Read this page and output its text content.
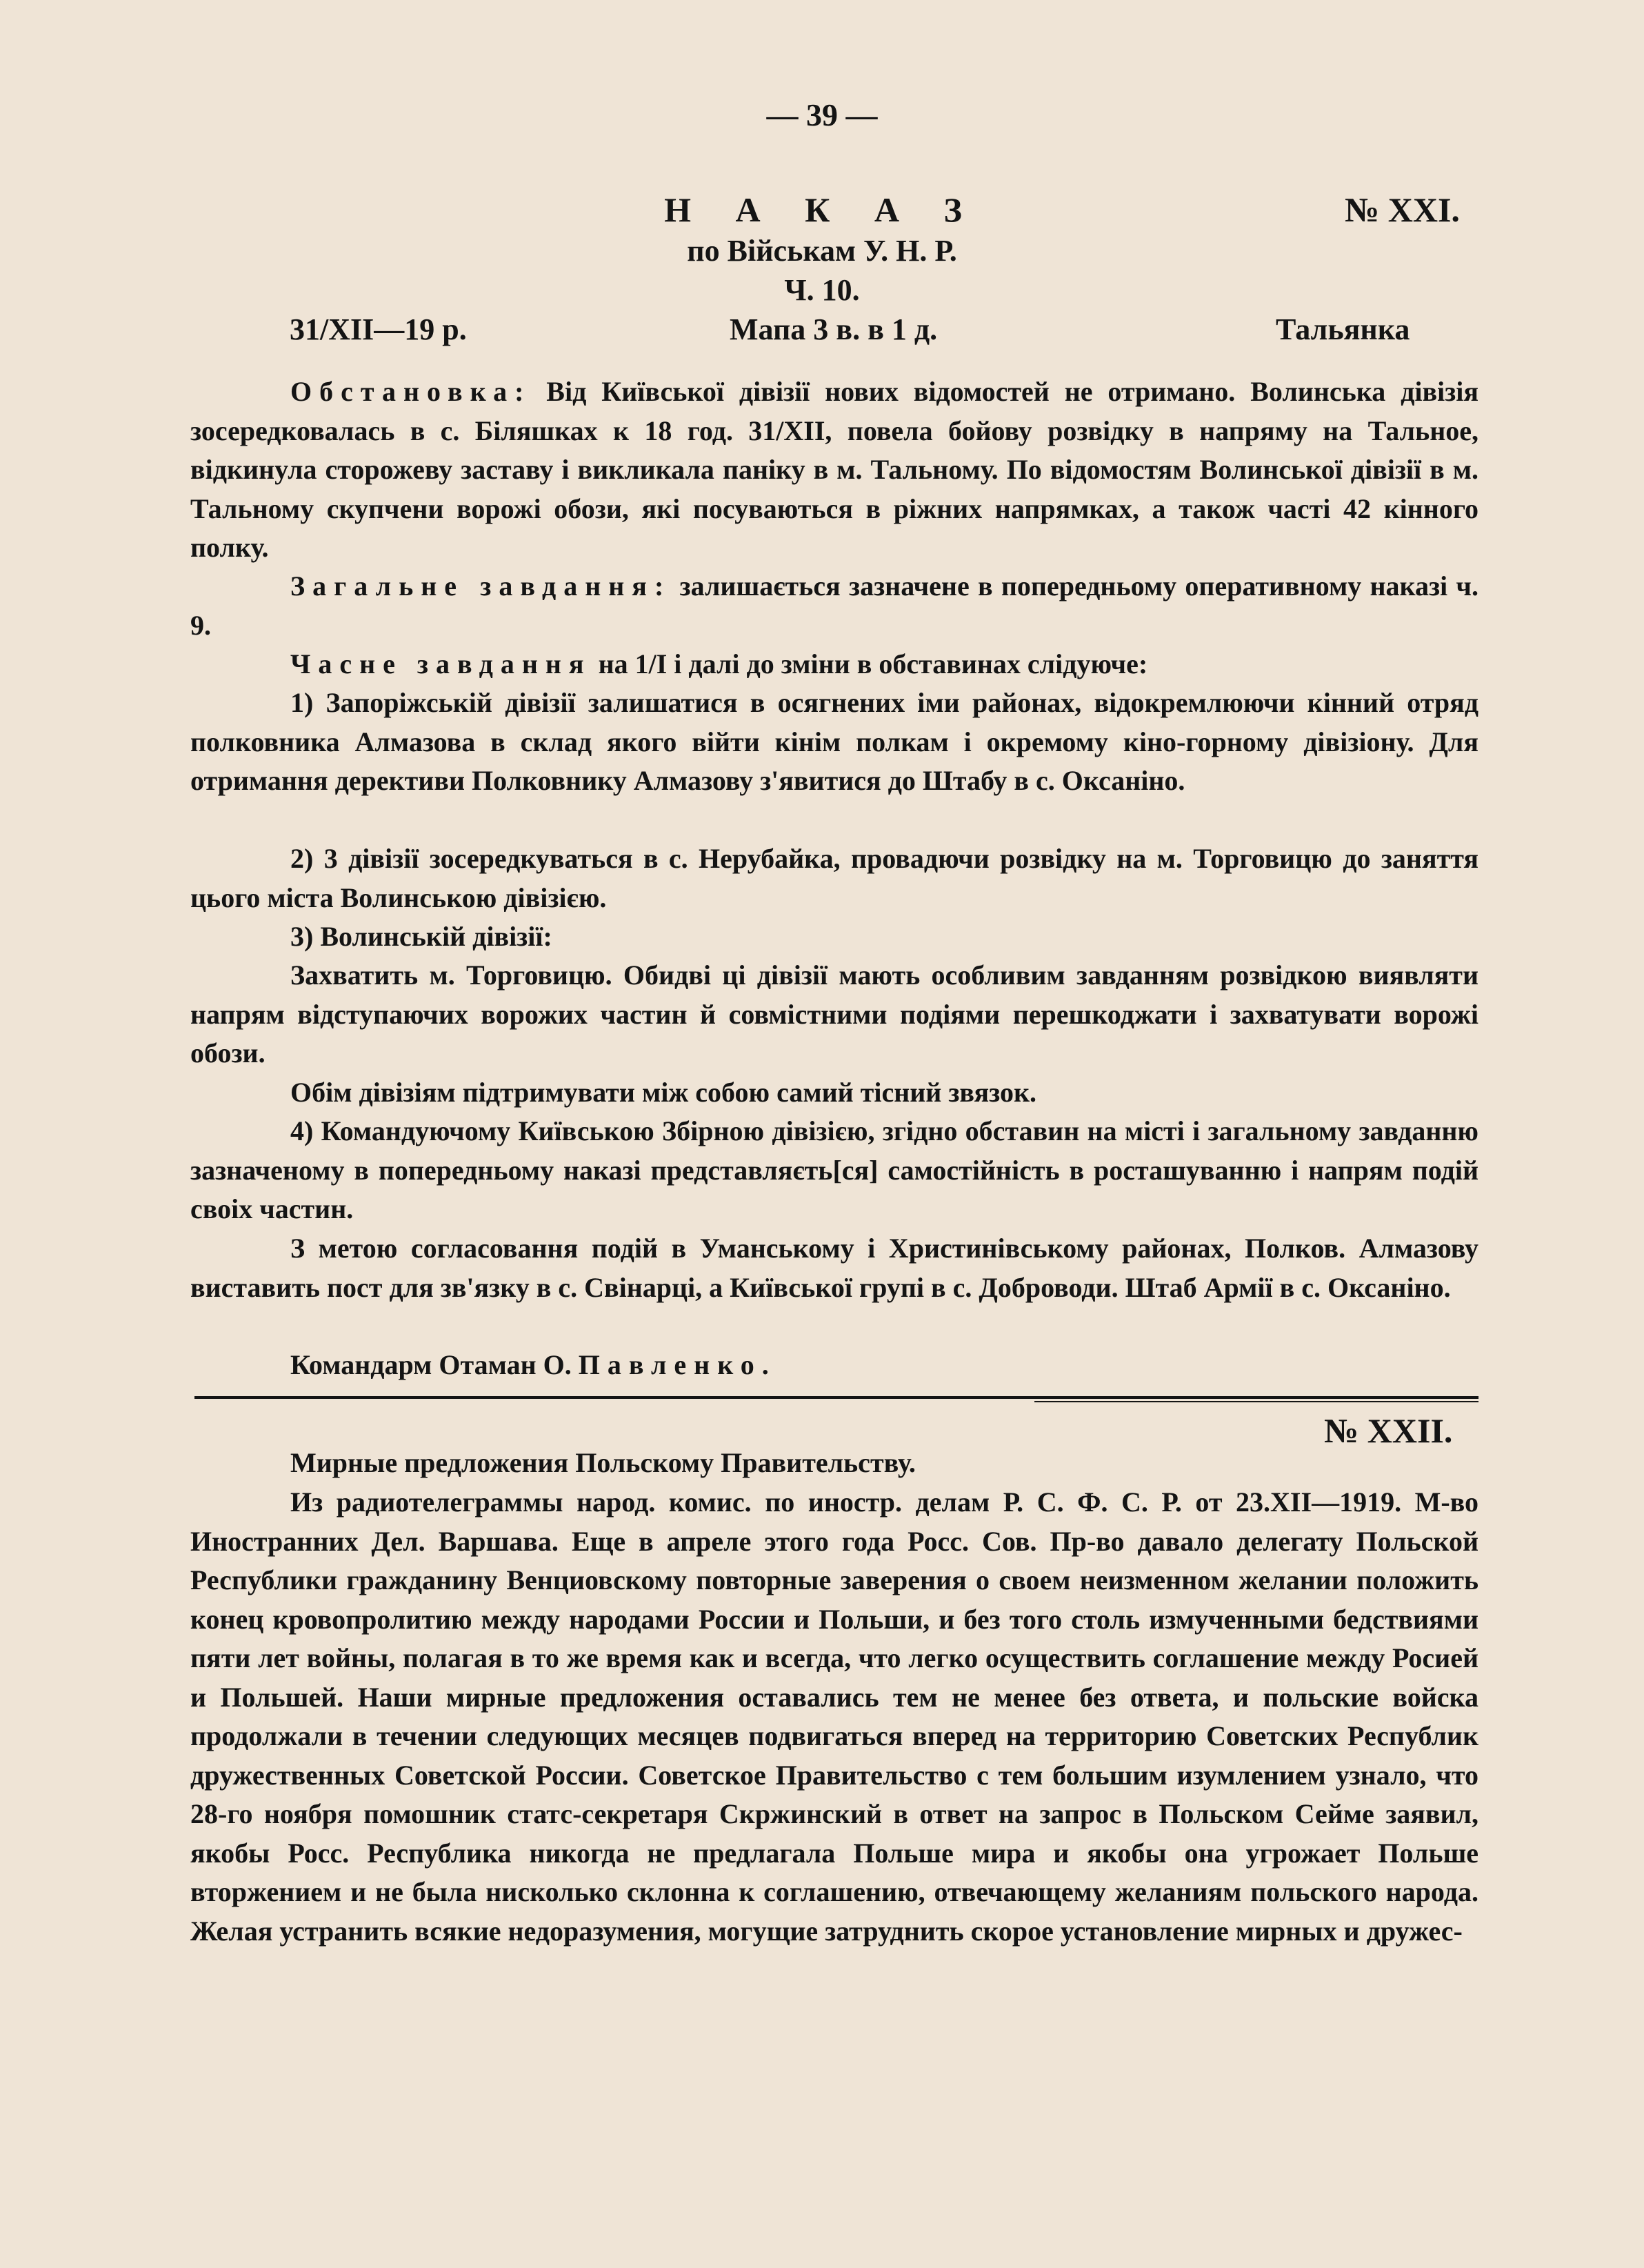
— 39 —
Н А К А З	№ XXI.
по Військам У. Н. Р.
Ч. 10.
31/XII—19 р.	Мапа 3 в. в 1 д.	Тальянка

Обстановка: Від Київської дівізії нових відомостей не отримано. Волинська дівізія зосередковалась в с. Біляшках к 18 год. 31/XII, повела бойову розвідку в напряму на Тальное, відкинула сторожеву заставу і викликала паніку в м. Тальному. По відомостям Волинської дівізії в м. Тальному скупчени ворожі обози, які посуваються в ріжних напрямках, а також часті 42 кінного полку.

Загальне завдання: залишається зазначене в попередньому оперативному наказі ч. 9.

Часне завдання на 1/I і далі до зміни в обставинах слідуюче:

1) Запоріжській дівізії залишатися в осягнених іми районах, відокремлюючи кінний отряд полковника Алмазова в склад якого війти кінім полкам і окремому кіно-горному дівізіону. Для отримання дерективи Полковнику Алмазову з'явитися до Штабу в с. Оксаніно.

2) 3 дівізії зосередкуваться в с. Нерубайка, провадючи розвідку на м. Торговицю до заняття цього міста Волинською дівізією.

3) Волинській дівізії:

Захватить м. Торговицю. Обидві ці дівізії мають особливим завданням розвідкою виявляти напрям відступаючих ворожих частин й совмістними подіями перешкоджати і захватувати ворожі обози.

Обім дівізіям підтримувати між собою самий тісний звязок.

4) Командуючому Київською Збірною дівізією, згідно обставин на місті і загальному завданню зазначеному в попередньому наказі представляєть[ся] самостійність в росташуванню і напрям подій своіх частин.

З метою согласовання подій в Уманському і Христинівському районах, Полков. Алмазову виставить пост для зв'язку в с. Свінарці, а Київської групі в с. Доброводи. Штаб Армії в с. Оксаніно.

Командарм Отаман О. Павленко.

№ XXII.

Мирные предложения Польскому Правительству.

Из радиотелеграммы народ. комис. по иностр. делам Р. С. Ф. С. Р. от 23.XII—1919. М-во Иностранних Дел. Варшава. Еще в апреле этого года Росс. Сов. Пр-во давало делегату Польской Республики гражданину Венциовскому повторные заверения о своем неизменном желании положить конец кровопролитию между народами России и Польши, и без того столь измученными бедствиями пяти лет войны, полагая в то же время как и всегда, что легко осуществить соглашение между Росией и Польшей. Наши мирные предложения оставались тем не менее без ответа, и польские войска продолжали в течении следующих месяцев подвигаться вперед на территорию Советских Республик дружественных Советской России. Советское Правительство с тем большим изумлением узнало, что 28-го ноября помошник статс-секретаря Скржинский в ответ на запрос в Польском Сейме заявил, якобы Росс. Республика никогда не предлагала Польше мира и якобы она угрожает Польше вторжением и не была нисколько склонна к соглашению, отвечающему желаниям польского народа. Желая устранить всякие недоразумения, могущие затруднить скорое установление мирных и дружес-
